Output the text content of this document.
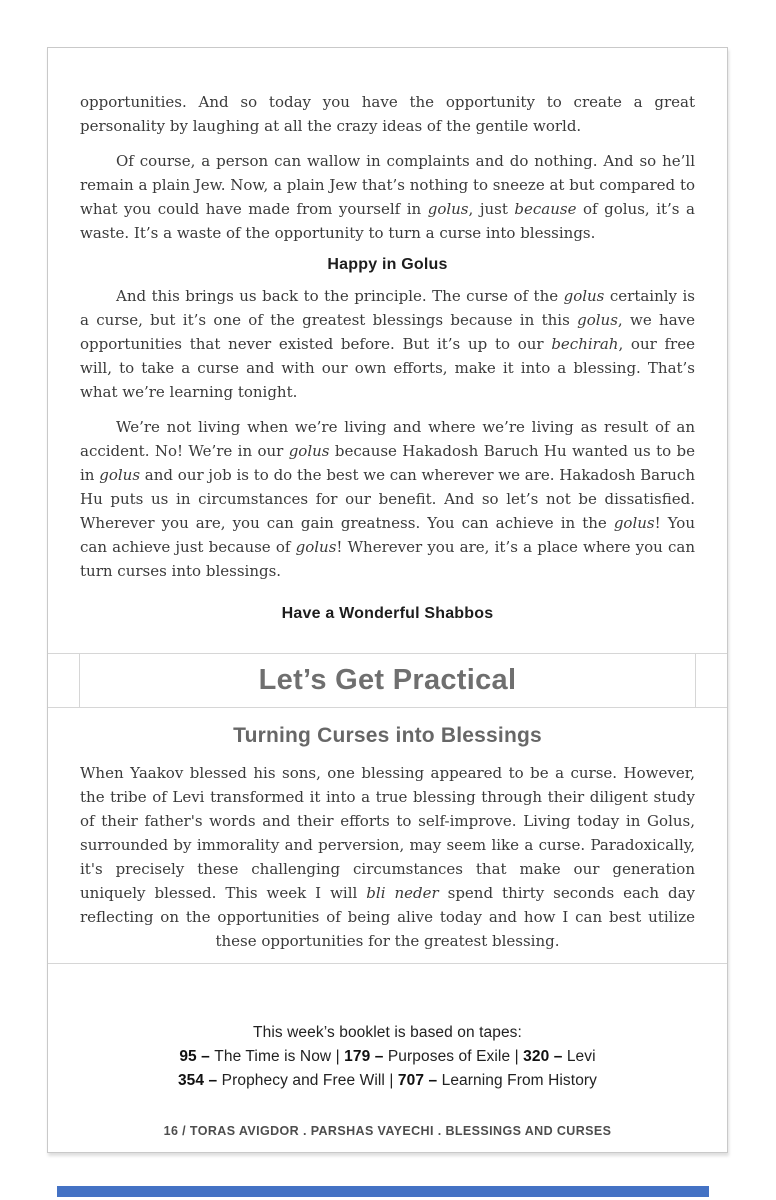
opportunities. And so today you have the opportunity to create a great personality by laughing at all the crazy ideas of the gentile world.

Of course, a person can wallow in complaints and do nothing. And so he’ll remain a plain Jew. Now, a plain Jew that’s nothing to sneeze at but compared to what you could have made from yourself in golus, just because of golus, it’s a waste. It’s a waste of the opportunity to turn a curse into blessings.

Happy in Golus

And this brings us back to the principle. The curse of the golus certainly is a curse, but it’s one of the greatest blessings because in this golus, we have opportunities that never existed before. But it’s up to our bechirah, our free will, to take a curse and with our own efforts, make it into a blessing. That’s what we’re learning tonight.

We’re not living when we’re living and where we’re living as result of an accident. No! We’re in our golus because Hakadosh Baruch Hu wanted us to be in golus and our job is to do the best we can wherever we are. Hakadosh Baruch Hu puts us in circumstances for our benefit. And so let’s not be dissatisfied. Wherever you are, you can gain greatness. You can achieve in the golus! You can achieve just because of golus! Wherever you are, it’s a place where you can turn curses into blessings.

Have a Wonderful Shabbos
Let’s Get Practical
Turning Curses into Blessings

When Yaakov blessed his sons, one blessing appeared to be a curse. However, the tribe of Levi transformed it into a true blessing through their diligent study of their father's words and their efforts to self-improve. Living today in Golus, surrounded by immorality and perversion, may seem like a curse. Paradoxically, it's precisely these challenging circumstances that make our generation uniquely blessed. This week I will bli neder spend thirty seconds each day reflecting on the opportunities of being alive today and how I can best utilize these opportunities for the greatest blessing.

This week’s booklet is based on tapes:
95 – The Time is Now | 179 – Purposes of Exile | 320 – Levi
354 – Prophecy and Free Will | 707 – Learning From History
16 / TORAS AVIGDOR . PARSHAS VAYECHI . BLESSINGS AND CURSES
